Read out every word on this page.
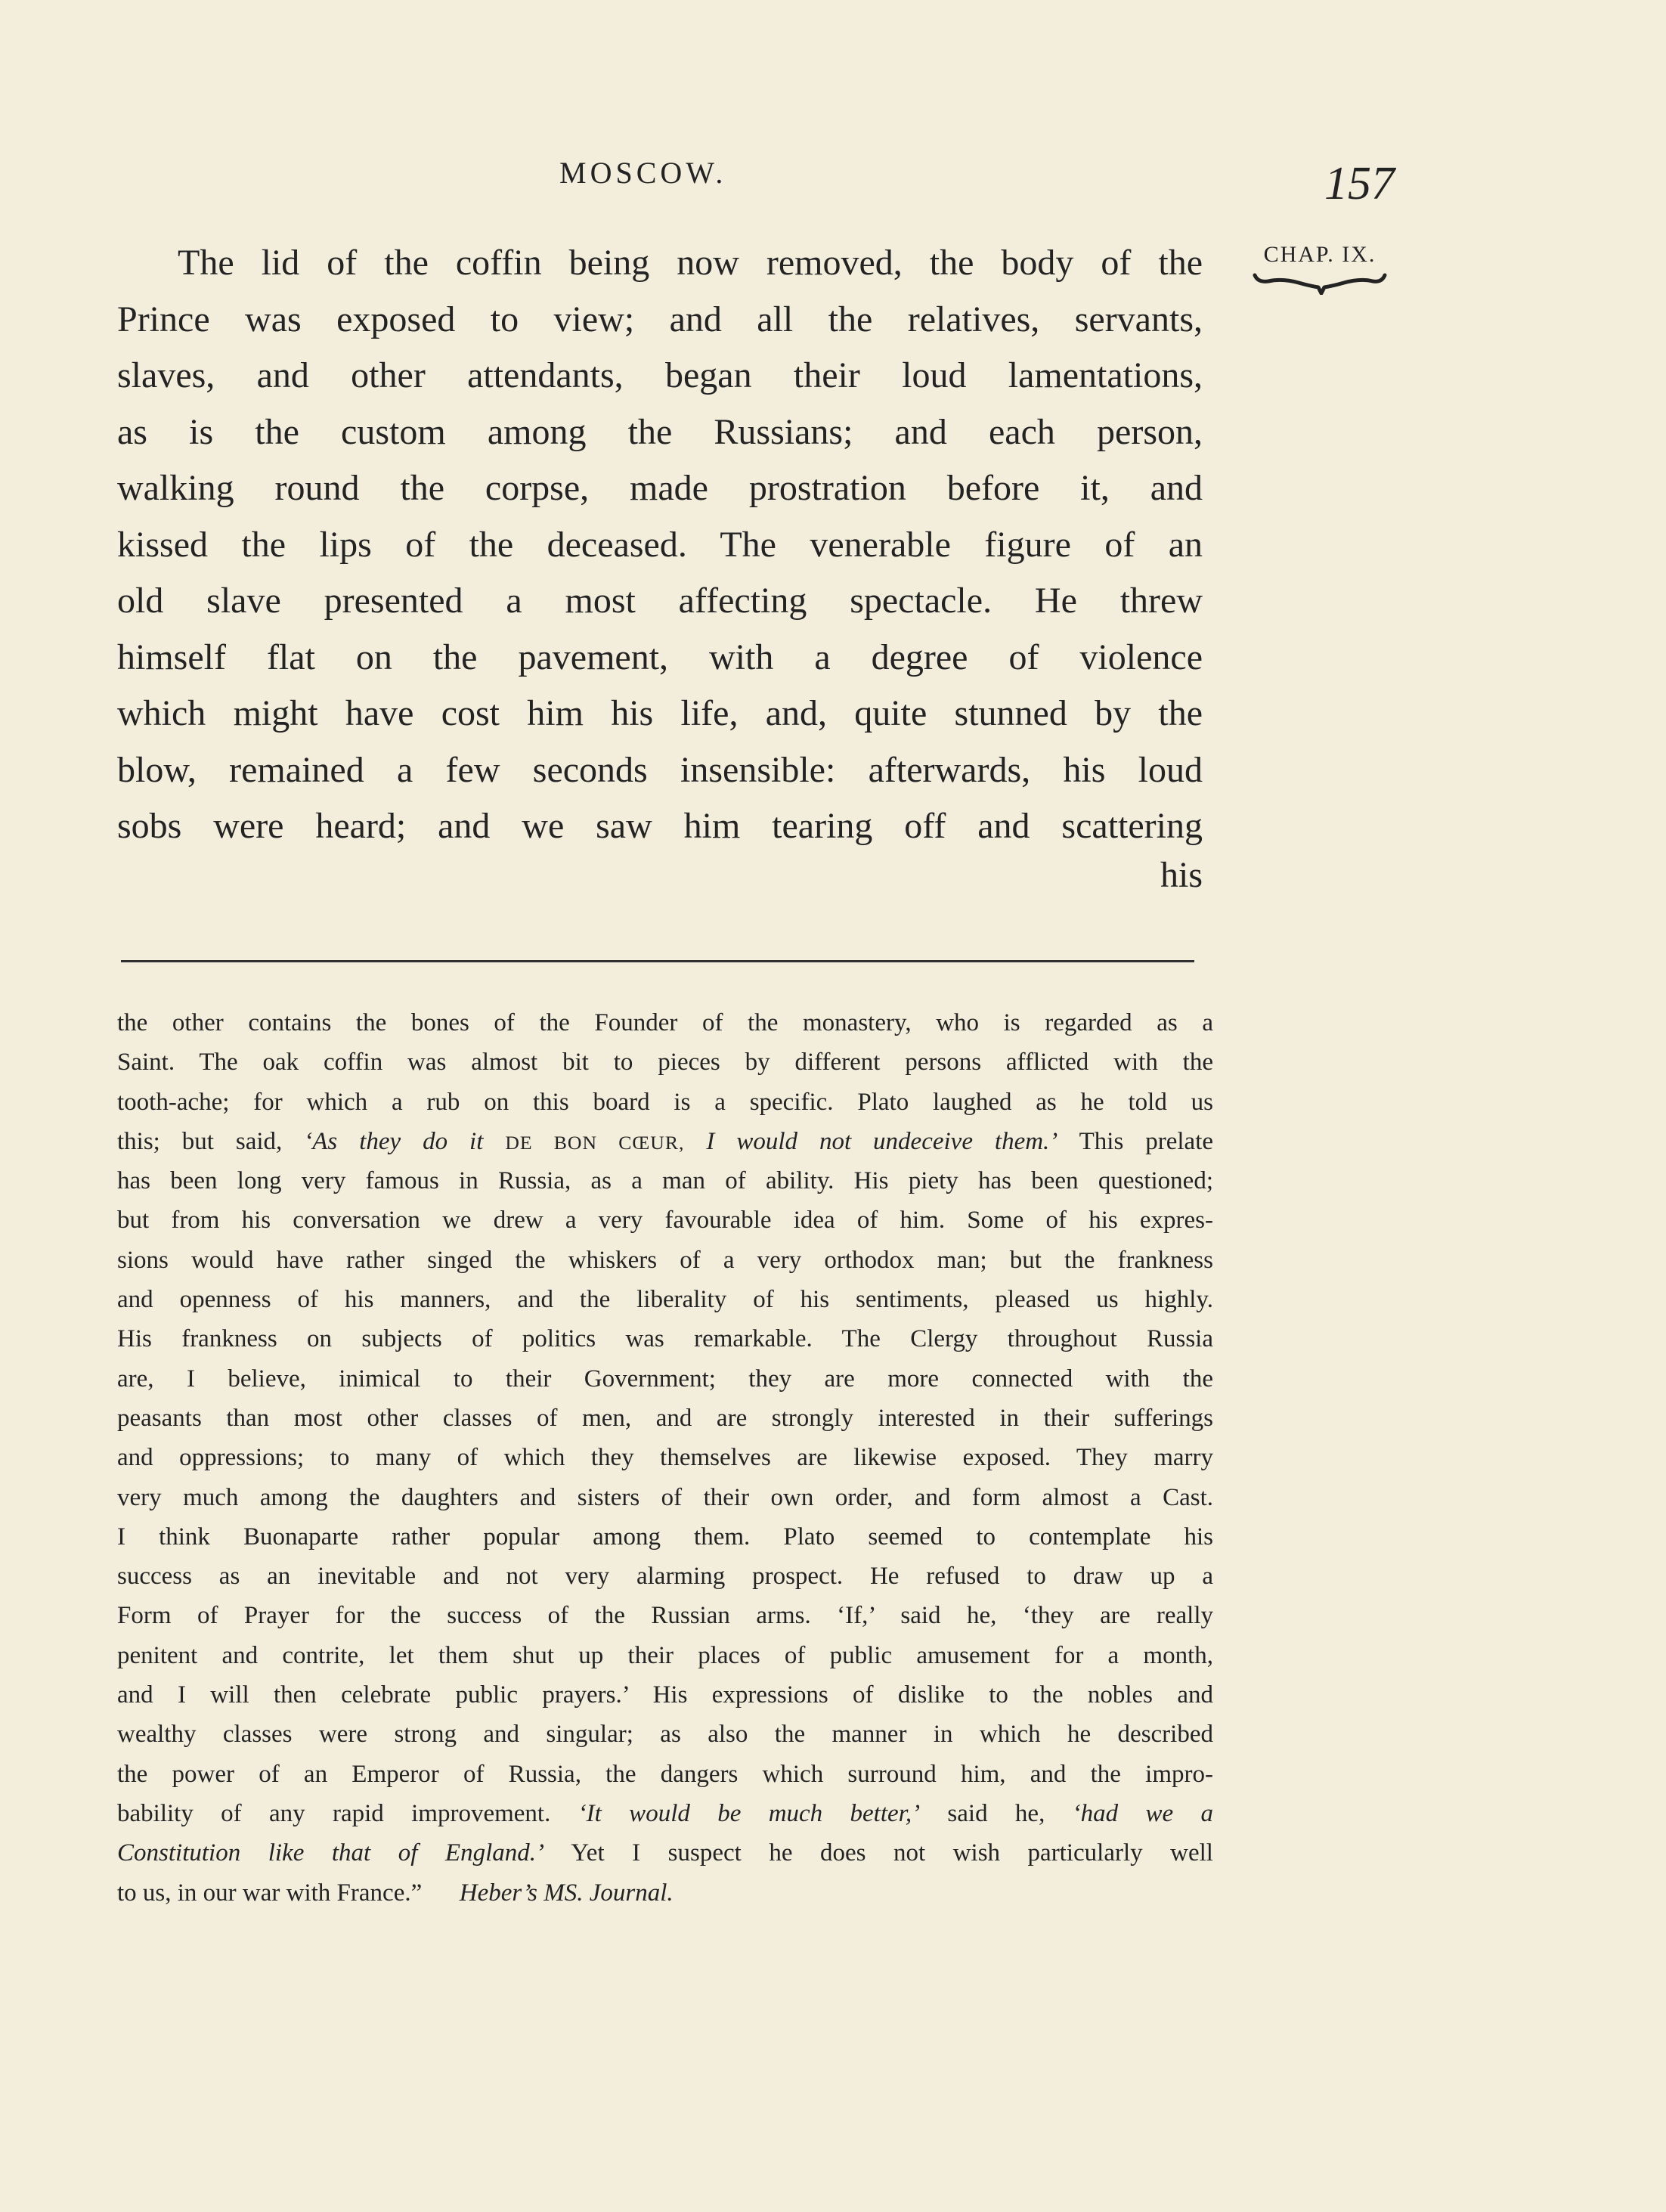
MOSCOW.	157
CHAP. IX.
The lid of the coffin being now removed, the body of the
Prince was exposed to view; and all the relatives, servants,
slaves, and other attendants, began their loud lamentations,
as is the custom among the Russians; and each person,
walking round the corpse, made prostration before it, and
kissed the lips of the deceased. The venerable figure of an
old slave presented a most affecting spectacle. He threw
himself flat on the pavement, with a degree of violence
which might have cost him his life, and, quite stunned by the
blow, remained a few seconds insensible: afterwards, his loud
sobs were heard; and we saw him tearing off and scattering
his
the other contains the bones of the Founder of the monastery, who is regarded as a
Saint. The oak coffin was almost bit to pieces by different persons afflicted with the
tooth-ache; for which a rub on this board is a specific. Plato laughed as he told us
this; but said, ‘As they do it DE BON CŒUR, I would not undeceive them.’ This prelate
has been long very famous in Russia, as a man of ability. His piety has been questioned;
but from his conversation we drew a very favourable idea of him. Some of his expres-
sions would have rather singed the whiskers of a very orthodox man; but the frankness
and openness of his manners, and the liberality of his sentiments, pleased us highly.
His frankness on subjects of politics was remarkable. The Clergy throughout Russia
are, I believe, inimical to their Government; they are more connected with the
peasants than most other classes of men, and are strongly interested in their sufferings
and oppressions; to many of which they themselves are likewise exposed. They marry
very much among the daughters and sisters of their own order, and form almost a Cast.
I think Buonaparte rather popular among them. Plato seemed to contemplate his
success as an inevitable and not very alarming prospect. He refused to draw up a
Form of Prayer for the success of the Russian arms. ‘If,’ said he, ‘they are really
penitent and contrite, let them shut up their places of public amusement for a month,
and I will then celebrate public prayers.’ His expressions of dislike to the nobles and
wealthy classes were strong and singular; as also the manner in which he described
the power of an Emperor of Russia, the dangers which surround him, and the impro-
bability of any rapid improvement. ‘It would be much better,’ said he, ‘had we a
Constitution like that of England.’ Yet I suspect he does not wish particularly well
to us, in our war with France.” Heber’s MS. Journal.
